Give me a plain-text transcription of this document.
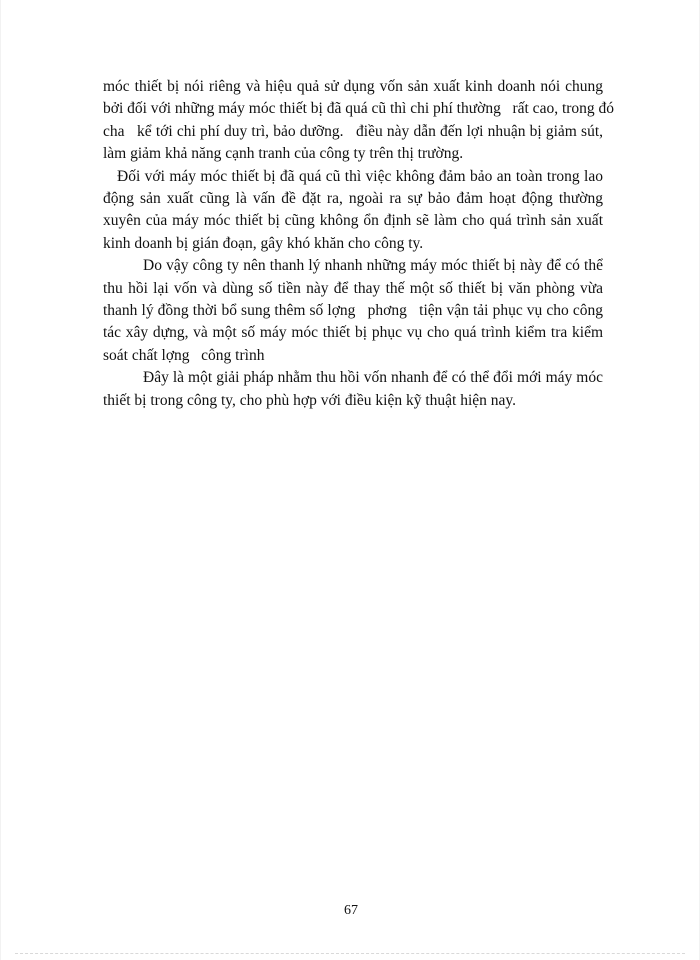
móc thiết bị nói riêng và hiệu quả sử dụng vốn sản xuất kinh doanh nói chung
bởi đối với những máy móc thiết bị đã quá cũ thì chi phí thường   rất cao, trong đó
cha   kể tới chi phí duy trì, bảo dưỡng.   điều này dẫn đến lợi nhuận bị giảm sút,
làm giảm khả năng cạnh tranh của công ty trên thị trường.
Đối với máy móc thiết bị đã quá cũ thì việc không đảm bảo an toàn trong lao
động sản xuất cũng là vấn đề đặt ra, ngoài ra sự bảo đảm hoạt động thường
xuyên của máy móc thiết bị cũng không ổn định sẽ làm cho quá trình sản xuất
kinh doanh bị gián đoạn, gây khó khăn cho công ty.
Do vậy công ty nên thanh lý nhanh những máy móc thiết bị này để có thể
thu hồi lại vốn và dùng số tiền này để thay thế một số thiết bị văn phòng vừa
thanh lý đồng thời bổ sung thêm số lợng   phơng   tiện vận tải phục vụ cho công
tác xây dựng, và một số máy móc thiết bị phục vụ cho quá trình kiểm tra kiểm
soát chất lợng   công trình
Đây là một giải pháp nhằm thu hồi vốn nhanh để có thể đổi mới máy móc
thiết bị trong công ty, cho phù hợp với điều kiện kỹ thuật hiện nay.
67
